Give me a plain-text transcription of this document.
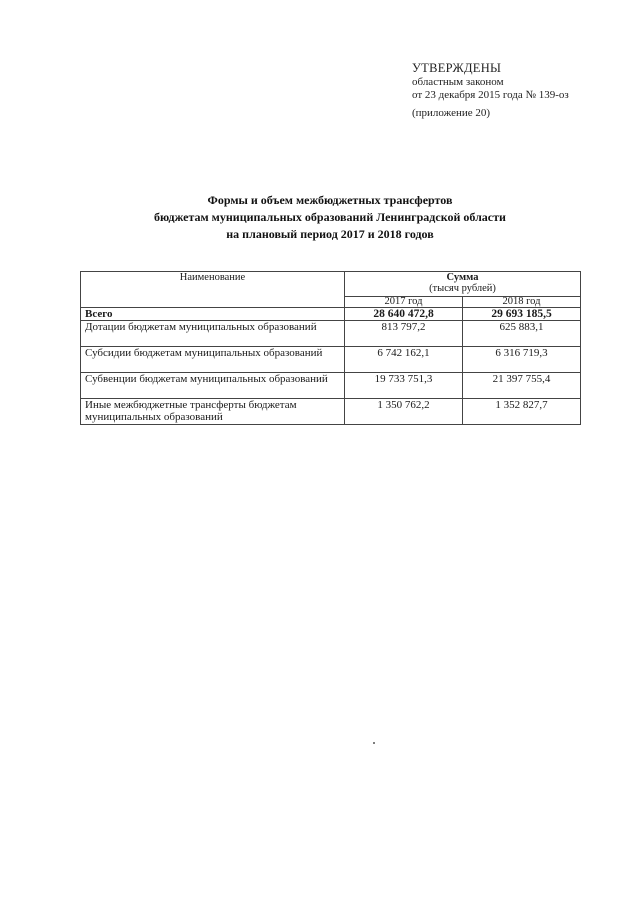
УТВЕРЖДЕНЫ
областным законом
от 23 декабря 2015 года № 139-оз
(приложение 20)
Формы и объем межбюджетных трансфертов
бюджетам муниципальных образований Ленинградской области
на плановый период 2017 и 2018 годов
Наименование	Сумма
(тысяч рублей)	

	2017 год	2018 год
Всего	28 640 472,8	29 693 185,5
Дотации бюджетам муниципальных образований	813 797,2	625 883,1
Субсидии бюджетам муниципальных образований	6 742 162,1	6 316 719,3
Субвенции бюджетам муниципальных образований	19 733 751,3	21 397 755,4
Иные межбюджетные трансферты бюджетам муниципальных образований	1 350 762,2	1 352 827,7
